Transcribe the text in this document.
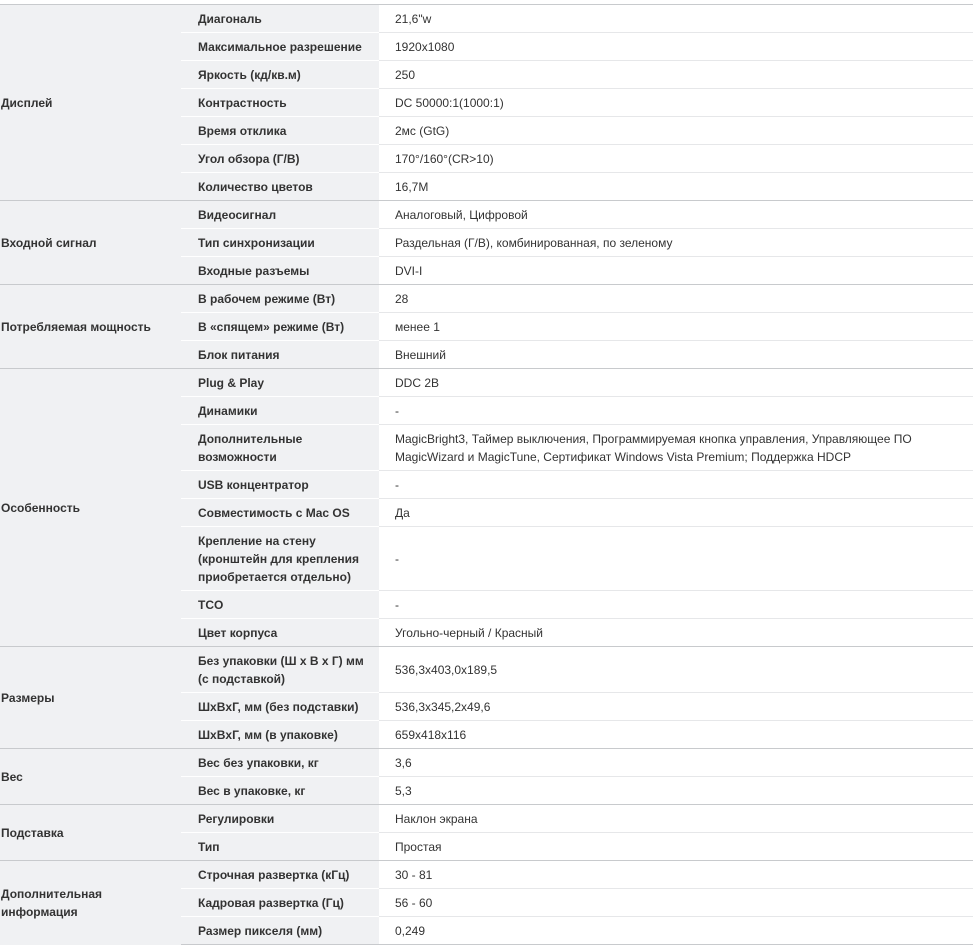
Дисплей	Диагональ	21,6"w
	Максимальное разрешение	1920x1080
	Яркость (кд/кв.м)	250
	Контрастность	DC 50000:1(1000:1)
	Время отклика	2мс (GtG)
	Угол обзора (Г/В)	170°/160°(CR>10)
	Количество цветов	16,7M
Входной сигнал	Видеосигнал	Аналоговый, Цифровой
	Тип синхронизации	Раздельная (Г/В), комбинированная, по зеленому
	Входные разъемы	DVI-I
Потребляемая мощность	В рабочем режиме (Вт)	28
	В «спящем» режиме (Вт)	менее 1
	Блок питания	Внешний
Особенность	Plug & Play	DDC 2B
	Динамики	-
	Дополнительные возможности	MagicBright3, Таймер выключения, Программируемая кнопка управления, Управляющее ПО MagicWizard и MagicTune, Сертификат Windows Vista Premium; Поддержка HDCP
	USB концентратор	-
	Совместимость с Mac OS	Да
	Крепление на стену (кронштейн для крепления приобретается отдельно)	-
	TCO	-
	Цвет корпуса	Угольно-черный / Красный
Размеры	Без упаковки (Ш x В x Г) мм (с подставкой)	536,3x403,0x189,5
	ШxВxГ, мм (без подставки)	536,3x345,2x49,6
	ШxВxГ, мм (в упаковке)	659x418x116
Вес	Вес без упаковки, кг	3,6
	Вес в упаковке, кг	5,3
Подставка	Регулировки	Наклон экрана
	Тип	Простая
Дополнительная информация	Строчная развертка (кГц)	30 - 81
	Кадровая развертка (Гц)	56 - 60
	Размер пикселя (мм)	0,249
